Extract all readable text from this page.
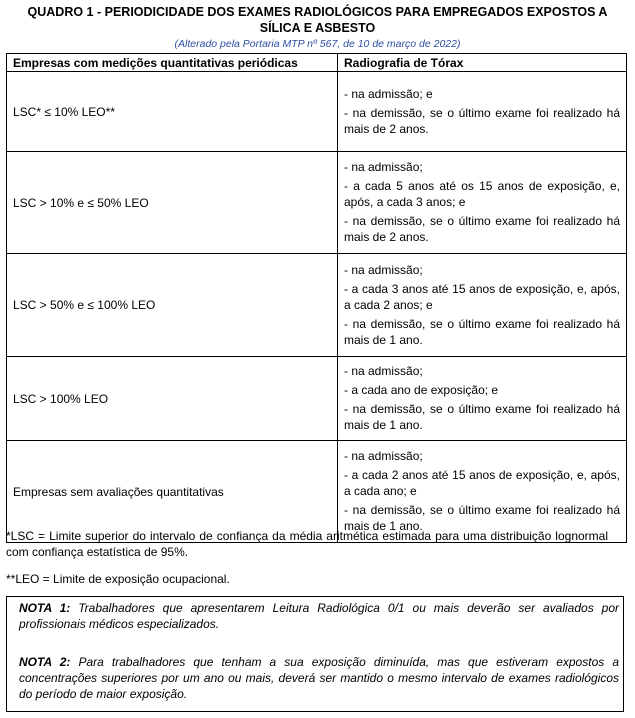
QUADRO 1 - PERIODICIDADE DOS EXAMES RADIOLÓGICOS PARA EMPREGADOS EXPOSTOS A
SÍLICA E ASBESTO
(Alterado pela Portaria MTP nº 567, de 10 de março de 2022)
Empresas com medições quantitativas periódicas	Radiografia de Tórax
LSC* ≤ 10% LEO**	- na admissão; e
- na demissão, se o último exame foi realizado há mais de 2 anos.

LSC > 10% e ≤ 50% LEO	- na admissão;
- a cada 5 anos até os 15 anos de exposição, e, após, a cada 3 anos; e
- na demissão, se o último exame foi realizado há mais de 2 anos.

LSC > 50% e ≤ 100% LEO	- na admissão;
- a cada 3 anos até 15 anos de exposição, e, após, a cada 2 anos; e
- na demissão, se o último exame foi realizado há mais de 1 ano.

LSC > 100% LEO	- na admissão;
- a cada ano de exposição; e
- na demissão, se o último exame foi realizado há mais de 1 ano.

Empresas sem avaliações quantitativas	- na admissão;
- a cada 2 anos até 15 anos de exposição, e, após, a cada ano; e
- na demissão, se o último exame foi realizado há mais de 1 ano.
*LSC = Limite superior do intervalo de confiança da média aritmética estimada para uma distribuição lognormal com confiança estatística de 95%.
**LEO = Limite de exposição ocupacional.
NOTA 1: Trabalhadores que apresentarem Leitura Radiológica 0/1 ou mais deverão ser avaliados por profissionais médicos especializados.
NOTA 2: Para trabalhadores que tenham a sua exposição diminuída, mas que estiveram expostos a concentrações superiores por um ano ou mais, deverá ser mantido o mesmo intervalo de exames radiológicos do período de maior exposição.
